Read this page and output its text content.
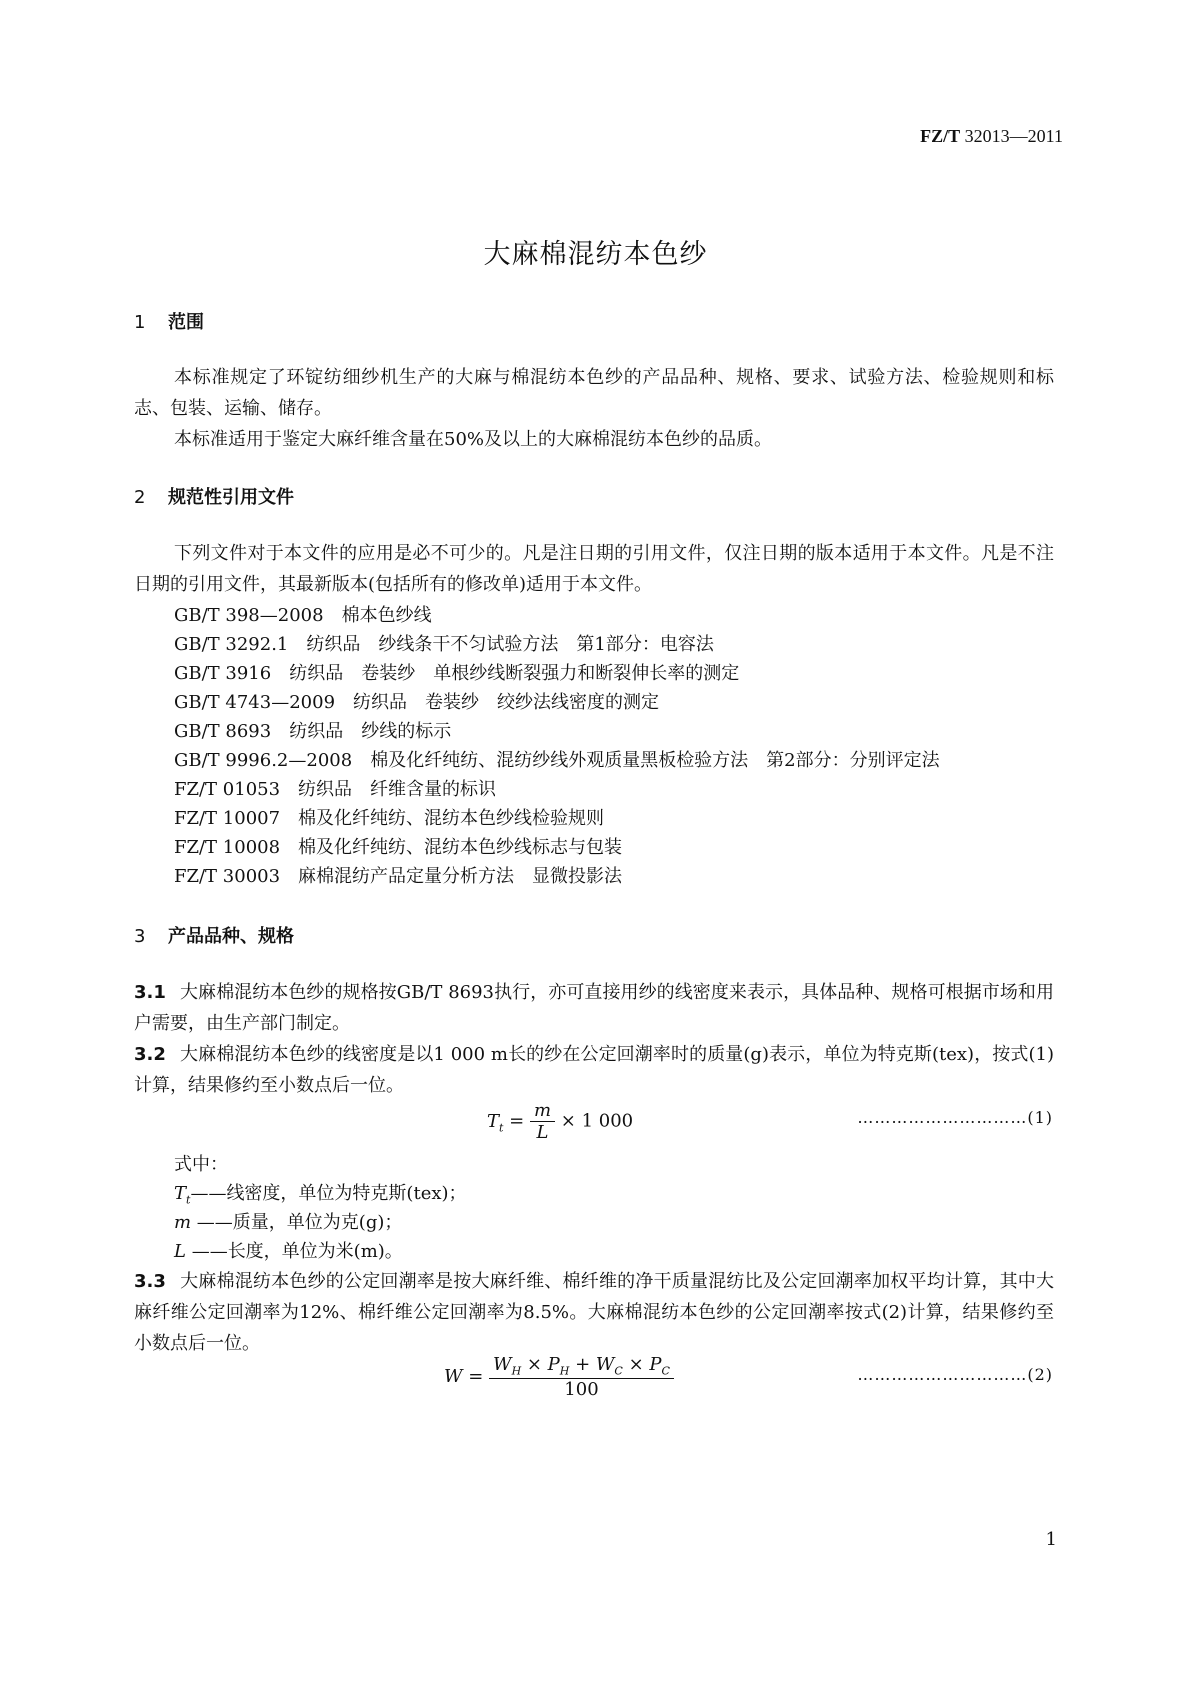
FZ/T 32013—2011
大麻棉混纺本色纱
1 范围
本标准规定了环锭纺细纱机生产的大麻与棉混纺本色纱的产品品种、规格、要求、试验方法、检验规则和标志、包装、运输、储存。
本标准适用于鉴定大麻纤维含量在50%及以上的大麻棉混纺本色纱的品质。
2 规范性引用文件
下列文件对于本文件的应用是必不可少的。凡是注日期的引用文件，仅注日期的版本适用于本文件。凡是不注日期的引用文件，其最新版本(包括所有的修改单)适用于本文件。
GB/T 398—2008　棉本色纱线
GB/T 3292.1　纺织品　纱线条干不匀试验方法　第1部分：电容法
GB/T 3916　纺织品　卷装纱　单根纱线断裂强力和断裂伸长率的测定
GB/T 4743—2009　纺织品　卷装纱　绞纱法线密度的测定
GB/T 8693　纺织品　纱线的标示
GB/T 9996.2—2008　棉及化纤纯纺、混纺纱线外观质量黑板检验方法　第2部分：分别评定法
FZ/T 01053　纺织品　纤维含量的标识
FZ/T 10007　棉及化纤纯纺、混纺本色纱线检验规则
FZ/T 10008　棉及化纤纯纺、混纺本色纱线标志与包装
FZ/T 30003　麻棉混纺产品定量分析方法　显微投影法
3 产品品种、规格
3.1 大麻棉混纺本色纱的规格按GB/T 8693执行，亦可直接用纱的线密度来表示，具体品种、规格可根据市场和用户需要，由生产部门制定。
3.2 大麻棉混纺本色纱的线密度是以1 000 m长的纱在公定回潮率时的质量(g)表示，单位为特克斯(tex)，按式(1)计算，结果修约至小数点后一位。
$T_t = \frac{m}{L} \times 1$ 000	…………………………(1)
式中：
$T_t——$线密度，单位为特克斯(tex)；
m ——质量，单位为克(g)；
L ——长度，单位为米(m)。
3.3 大麻棉混纺本色纱的公定回潮率是按大麻纤维、棉纤维的净干质量混纺比及公定回潮率加权平均计算，其中大麻纤维公定回潮率为12%、棉纤维公定回潮率为8.5%。大麻棉混纺本色纱的公定回潮率按式(2)计算，结果修约至小数点后一位。
$W = \frac{W_H \times P_H + W_C \times P_C}{100}$	…………………………(2)
1
